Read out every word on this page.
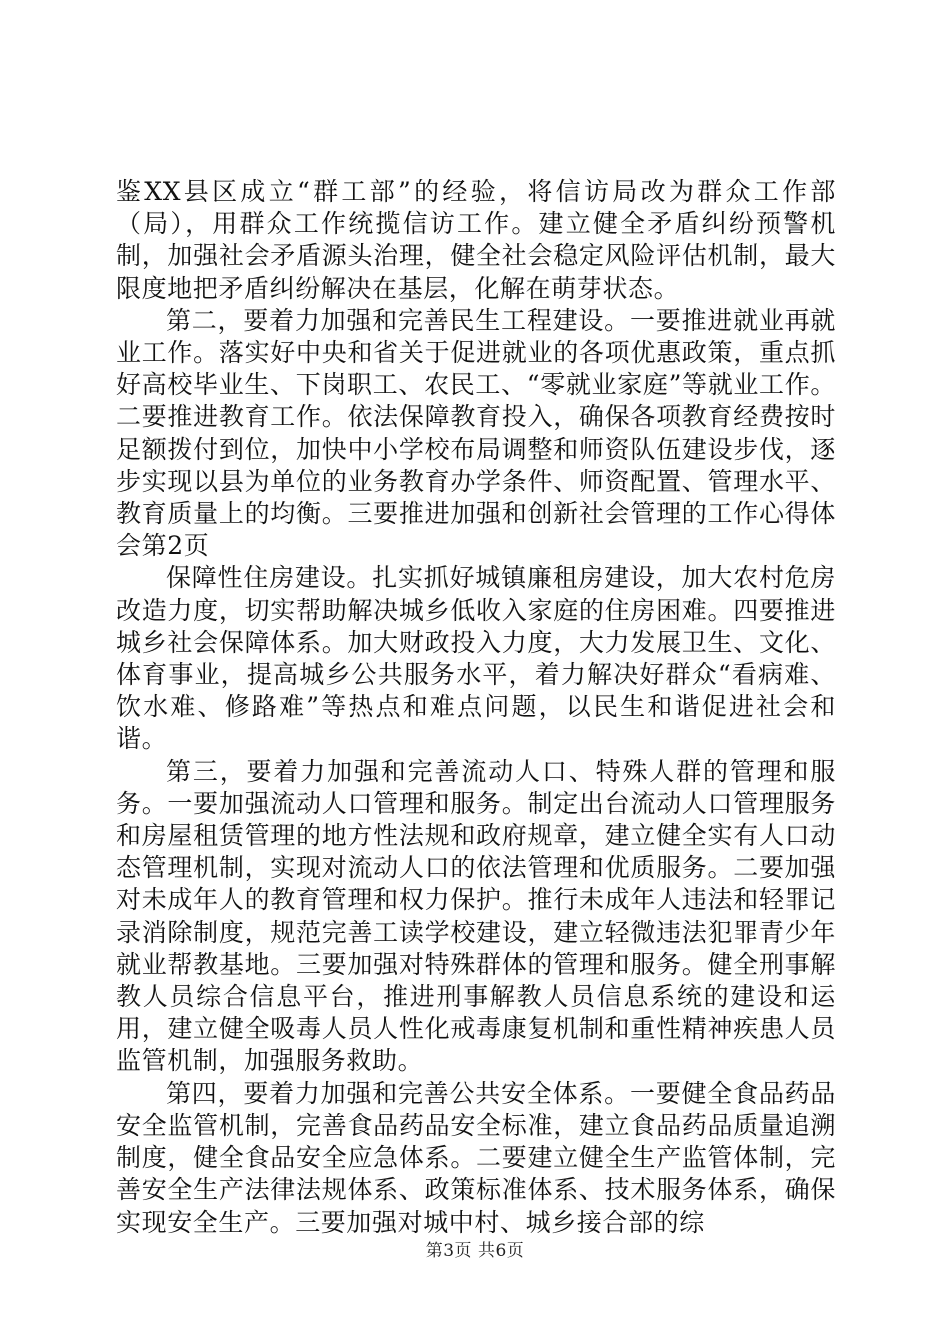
鉴XX县区成立“群工部”的经验，将信访局改为群众工作部（局），用群众工作统揽信访工作。建立健全矛盾纠纷预警机制，加强社会矛盾源头治理，健全社会稳定风险评估机制，最大限度地把矛盾纠纷解决在基层，化解在萌芽状态。

第二，要着力加强和完善民生工程建设。一要推进就业再就业工作。落实好中央和省关于促进就业的各项优惠政策，重点抓好高校毕业生、下岗职工、农民工、“零就业家庭”等就业工作。二要推进教育工作。依法保障教育投入，确保各项教育经费按时足额拨付到位，加快中小学校布局调整和师资队伍建设步伐，逐步实现以县为单位的业务教育办学条件、师资配置、管理水平、教育质量上的均衡。三要推进加强和创新社会管理的工作心得体会第2页

保障性住房建设。扎实抓好城镇廉租房建设，加大农村危房改造力度，切实帮助解决城乡低收入家庭的住房困难。四要推进城乡社会保障体系。加大财政投入力度，大力发展卫生、文化、体育事业，提高城乡公共服务水平，着力解决好群众“看病难、饮水难、修路难”等热点和难点问题，以民生和谐促进社会和谐。

第三，要着力加强和完善流动人口、特殊人群的管理和服务。一要加强流动人口管理和服务。制定出台流动人口管理服务和房屋租赁管理的地方性法规和政府规章，建立健全实有人口动态管理机制，实现对流动人口的依法管理和优质服务。二要加强对未成年人的教育管理和权力保护。推行未成年人违法和轻罪记录消除制度，规范完善工读学校建设，建立轻微违法犯罪青少年就业帮教基地。三要加强对特殊群体的管理和服务。健全刑事解教人员综合信息平台，推进刑事解教人员信息系统的建设和运用，建立健全吸毒人员人性化戒毒康复机制和重性精神疾患人员监管机制，加强服务救助。

第四，要着力加强和完善公共安全体系。一要健全食品药品安全监管机制，完善食品药品安全标准，建立食品药品质量追溯制度，健全食品安全应急体系。二要建立健全生产监管体制，完善安全生产法律法规体系、政策标准体系、技术服务体系，确保实现安全生产。三要加强对城中村、城乡接合部的综

第3页 共6页
